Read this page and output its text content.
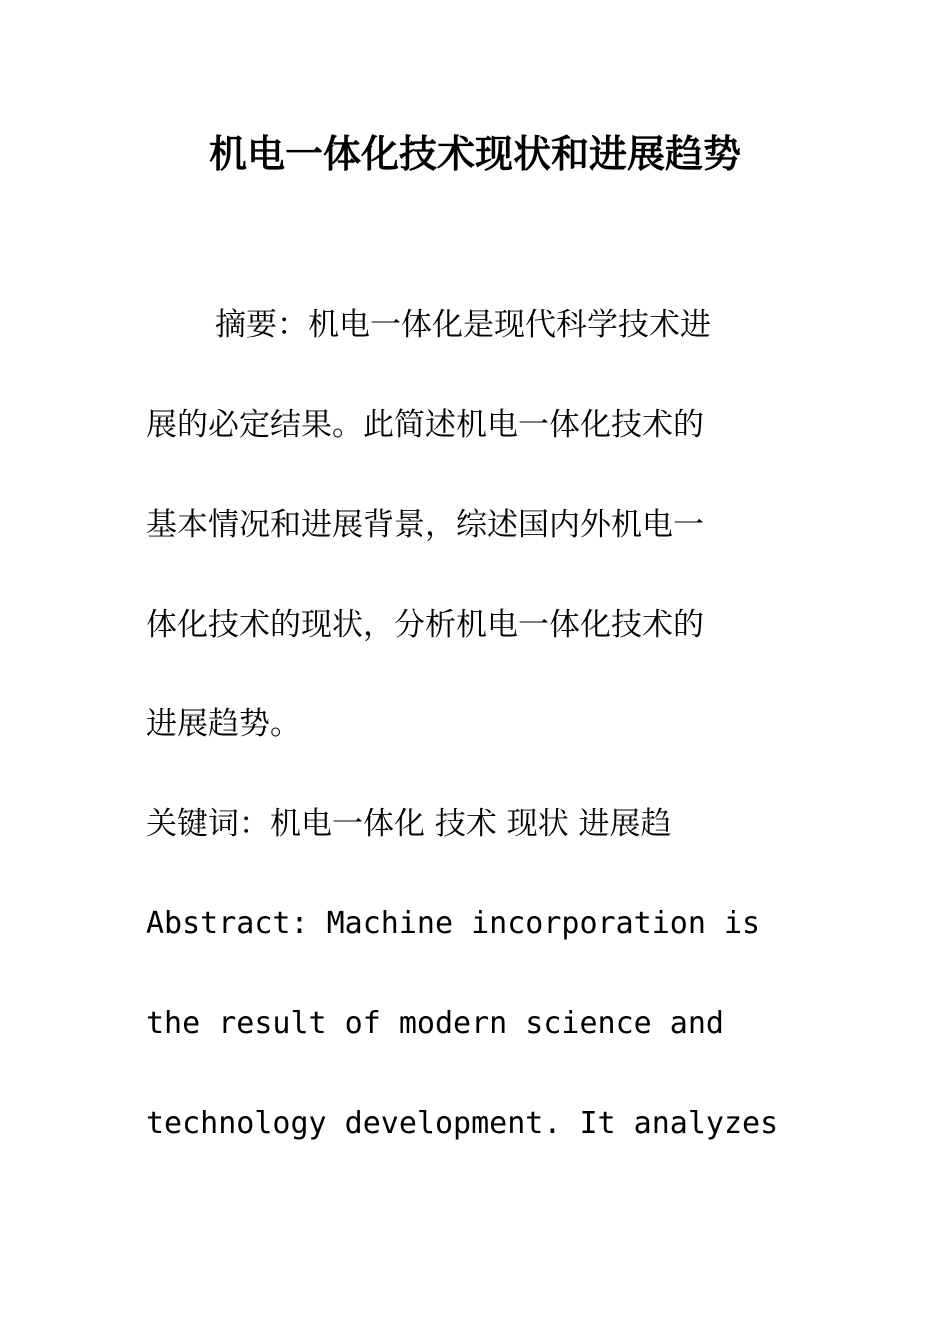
机电一体化技术现状和进展趋势
摘要：机电一体化是现代科学技术进
展的必定结果。此简述机电一体化技术的
基本情况和进展背景，综述国内外机电一
体化技术的现状，分析机电一体化技术的
进展趋势。
关键词：机电一体化 技术 现状 进展趋
Abstract: Machine incorporation is
the result of modern science and
technology development. It analyzes
